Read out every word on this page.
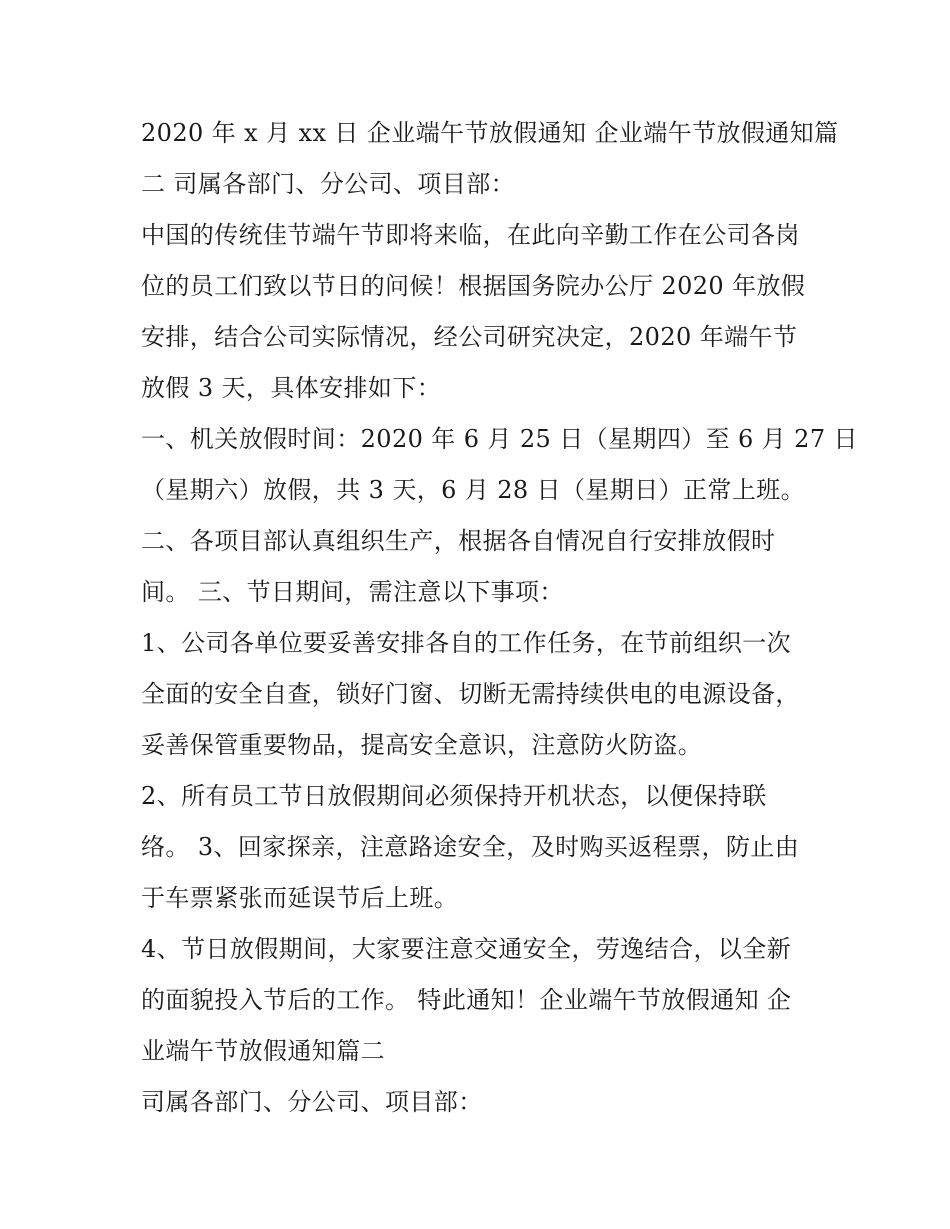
2020 年 x 月 xx 日 企业端午节放假通知 企业端午节放假通知篇
二 司属各部门、分公司、项目部：
中国的传统佳节端午节即将来临，在此向辛勤工作在公司各岗
位的员工们致以节日的问候！根据国务院办公厅 2020 年放假
安排，结合公司实际情况，经公司研究决定，2020 年端午节
放假 3 天，具体安排如下：
一、机关放假时间：2020 年 6 月 25 日（星期四）至 6 月 27 日
（星期六）放假，共 3 天，6 月 28 日（星期日）正常上班。
二、各项目部认真组织生产，根据各自情况自行安排放假时
间。 三、节日期间，需注意以下事项：
1、公司各单位要妥善安排各自的工作任务，在节前组织一次
全面的安全自查，锁好门窗、切断无需持续供电的电源设备，
妥善保管重要物品，提高安全意识，注意防火防盗。
2、所有员工节日放假期间必须保持开机状态，以便保持联
络。 3、回家探亲，注意路途安全，及时购买返程票，防止由
于车票紧张而延误节后上班。
4、节日放假期间，大家要注意交通安全，劳逸结合，以全新
的面貌投入节后的工作。 特此通知！企业端午节放假通知 企
业端午节放假通知篇二
司属各部门、分公司、项目部：
